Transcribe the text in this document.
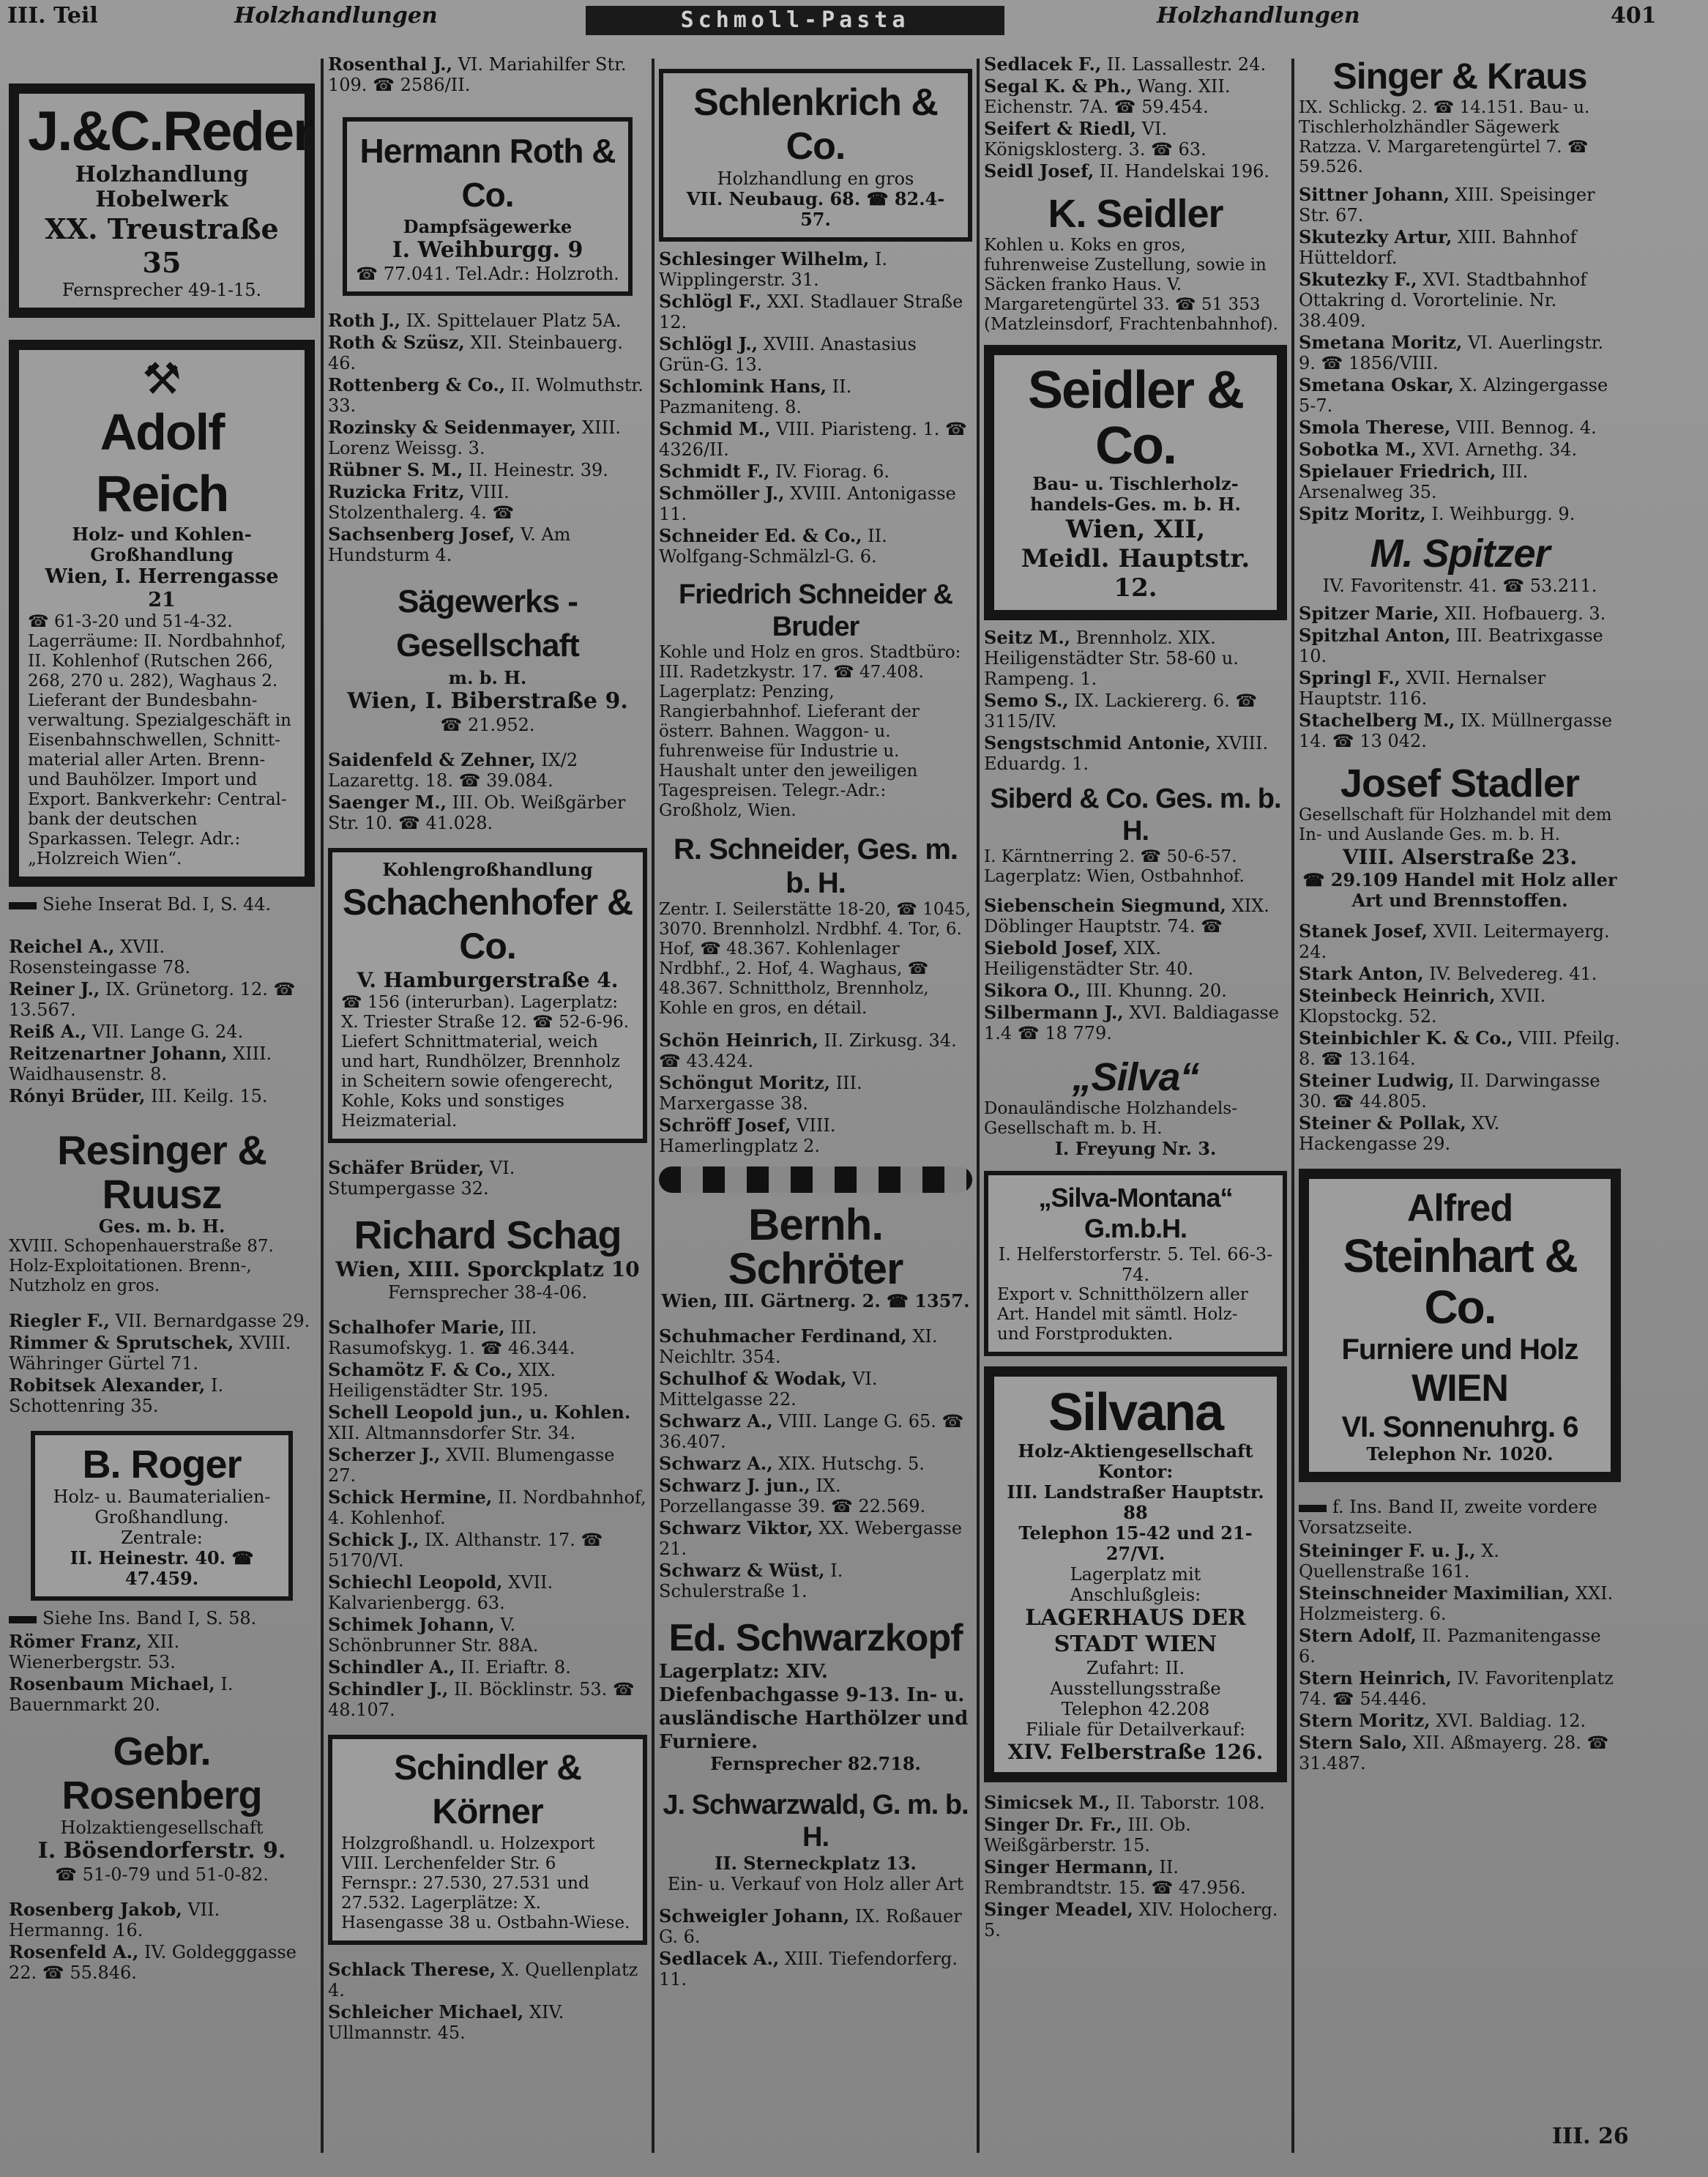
III. Teil	Holzhandlungen	Schmoll-Pasta	Holzhandlungen	401
J.&C.Reder
Holzhandlung
Hobelwerk
XX. Treustraße 35
Fernsprecher 49-1-15.
⚒
Adolf Reich
Holz- und Kohlen-
Großhandlung
Wien, I. Herrengasse 21
☎ 61-3-20 und 51-4-32. Lagerräume: II. Nordbahnhof, II. Kohlenhof (Rutschen 266, 268, 270 u. 282), Waghaus 2. Lieferant der Bundesbahn-verwaltung. Spezialgeschäft in Eisenbahnschwellen, Schnitt-material aller Arten. Brenn- und Bauhölzer. Import und Export. Bankverkehr: Central-bank der deutschen Sparkassen. Telegr. Adr.: „Holzreich Wien“.
Siehe Inserat Bd. I, S. 44.
Reichel A., XVII. Rosensteingasse 78.
Reiner J., IX. Grünetorg. 12. ☎ 13.567.
Reiß A., VII. Lange G. 24.
Reitzenartner Johann, XIII. Waidhausenstr. 8.
Rónyi Brüder, III. Keilg. 15.
Resinger & Ruusz
Ges. m. b. H.
XVIII. Schopenhauerstraße 87. Holz-Exploitationen. Brenn-, Nutzholz en gros.
Riegler F., VII. Bernardgasse 29.
Rimmer & Sprutschek, XVIII. Währinger Gürtel 71.
Robitsek Alexander, I. Schottenring 35.
B. Roger
Holz- u. Baumaterialien-
Großhandlung.
Zentrale:
II. Heinestr. 40. ☎ 47.459.
Siehe Ins. Band I, S. 58.
Römer Franz, XII. Wienerbergstr. 53.
Rosenbaum Michael, I. Bauernmarkt 20.
Gebr. Rosenberg
Holzaktiengesellschaft
I. Bösendorferstr. 9.
☎ 51-0-79 und 51-0-82.
Rosenberg Jakob, VII. Hermanng. 16.
Rosenfeld A., IV. Goldegggasse 22. ☎ 55.846.
Rosenthal J., VI. Mariahilfer Str. 109. ☎ 2586/II.
Hermann Roth & Co.
Dampfsägewerke
I. Weihburgg. 9
☎ 77.041. Tel.Adr.: Holzroth.
Roth J., IX. Spittelauer Platz 5A.
Roth & Szüsz, XII. Steinbauerg. 46.
Rottenberg & Co., II. Wolmuthstr. 33.
Rozinsky & Seidenmayer, XIII. Lorenz Weissg. 3.
Rübner S. M., II. Heinestr. 39.
Ruzicka Fritz, VIII. Stolzenthalerg. 4. ☎
Sachsenberg Josef, V. Am Hundsturm 4.
Sägewerks - Gesellschaft
m. b. H.
Wien, I. Biberstraße 9.
☎ 21.952.
Saidenfeld & Zehner, IX/2 Lazarettg. 18. ☎ 39.084.
Saenger M., III. Ob. Weißgärber Str. 10. ☎ 41.028.
Kohlengroßhandlung
Schachenhofer & Co.
V. Hamburgerstraße 4.
☎ 156 (interurban). Lagerplatz: X. Triester Straße 12. ☎ 52-6-96. Liefert Schnittmaterial, weich und hart, Rundhölzer, Brennholz in Scheitern sowie ofengerecht, Kohle, Koks und sonstiges Heizmaterial.
Schäfer Brüder, VI. Stumpergasse 32.
Richard Schag
Wien, XIII. Sporckplatz 10
Fernsprecher 38-4-06.
Schalhofer Marie, III. Rasumofskyg. 1. ☎ 46.344.
Schamötz F. & Co., XIX. Heiligenstädter Str. 195.
Schell Leopold jun., u. Kohlen. XII. Altmannsdorfer Str. 34.
Scherzer J., XVII. Blumengasse 27.
Schick Hermine, II. Nordbahnhof, 4. Kohlenhof.
Schick J., IX. Althanstr. 17. ☎ 5170/VI.
Schiechl Leopold, XVII. Kalvarienbergg. 63.
Schimek Johann, V. Schönbrunner Str. 88A.
Schindler A., II. Eriaftr. 8.
Schindler J., II. Böcklinstr. 53. ☎ 48.107.
Schindler & Körner
Holzgroßhandl. u. Holzexport VIII. Lerchenfelder Str. 6 Fernspr.: 27.530, 27.531 und 27.532. Lagerplätze: X. Hasengasse 38 u. Ostbahn-Wiese.
Schlack Therese, X. Quellenplatz 4.
Schleicher Michael, XIV. Ullmannstr. 45.
Schlenkrich & Co.
Holzhandlung en gros
VII. Neubaug. 68. ☎ 82.4-57.
Schlesinger Wilhelm, I. Wipplingerstr. 31.
Schlögl F., XXI. Stadlauer Straße 12.
Schlögl J., XVIII. Anastasius Grün-G. 13.
Schlomink Hans, II. Pazmaniteng. 8.
Schmid M., VIII. Piaristeng. 1. ☎ 4326/II.
Schmidt F., IV. Fiorag. 6.
Schmöller J., XVIII. Antonigasse 11.
Schneider Ed. & Co., II. Wolfgang-Schmälzl-G. 6.
Friedrich Schneider & Bruder
Kohle und Holz en gros. Stadtbüro: III. Radetzkystr. 17. ☎ 47.408. Lagerplatz: Penzing, Rangierbahnhof. Lieferant der österr. Bahnen. Waggon- u. fuhrenweise für Industrie u. Haushalt unter den jeweiligen Tagespreisen. Telegr.-Adr.: Großholz, Wien.
R. Schneider, Ges. m. b. H.
Zentr. I. Seilerstätte 18-20, ☎ 1045, 3070. Brennholzl. Nrdbhf. 4. Tor, 6. Hof, ☎ 48.367. Kohlenlager Nrdbhf., 2. Hof, 4. Waghaus, ☎ 48.367. Schnittholz, Brennholz, Kohle en gros, en détail.
Schön Heinrich, II. Zirkusg. 34. ☎ 43.424.
Schöngut Moritz, III. Marxergasse 38.
Schröff Josef, VIII. Hamerlingplatz 2.
Bernh. Schröter
Wien, III. Gärtnerg. 2. ☎ 1357.
Schuhmacher Ferdinand, XI. Neichltr. 354.
Schulhof & Wodak, VI. Mittelgasse 22.
Schwarz A., VIII. Lange G. 65. ☎ 36.407.
Schwarz A., XIX. Hutschg. 5.
Schwarz J. jun., IX. Porzellangasse 39. ☎ 22.569.
Schwarz Viktor, XX. Webergasse 21.
Schwarz & Wüst, I. Schulerstraße 1.
Ed. Schwarzkopf
Lagerplatz: XIV. Diefenbachgasse 9-13. In- u. ausländische Harthölzer und Furniere.
Fernsprecher 82.718.
J. Schwarzwald, G. m. b. H.
II. Sterneckplatz 13.
Ein- u. Verkauf von Holz aller Art
Schweigler Johann, IX. Roßauer G. 6.
Sedlacek A., XIII. Tiefendorferg. 11.
Sedlacek F., II. Lassallestr. 24.
Segal K. & Ph., Wang. XII. Eichenstr. 7A. ☎ 59.454.
Seifert & Riedl, VI. Königsklosterg. 3. ☎ 63.
Seidl Josef, II. Handelskai 196.
K. Seidler
Kohlen u. Koks en gros, fuhrenweise Zustellung, sowie in Säcken franko Haus. V. Margaretengürtel 33. ☎ 51 353 (Matzleinsdorf, Frachtenbahnhof).
Seidler & Co.
Bau- u. Tischlerholz-
handels-Ges. m. b. H.
Wien, XII,
Meidl. Hauptstr. 12.
Seitz M., Brennholz. XIX. Heiligenstädter Str. 58-60 u. Rampeng. 1.
Semo S., IX. Lackiererg. 6. ☎ 3115/IV.
Sengstschmid Antonie, XVIII. Eduardg. 1.
Siberd & Co. Ges. m. b. H.
I. Kärntnerring 2. ☎ 50-6-57. Lagerplatz: Wien, Ostbahnhof.
Siebenschein Siegmund, XIX. Döblinger Hauptstr. 74. ☎
Siebold Josef, XIX. Heiligenstädter Str. 40.
Sikora O., III. Khunng. 20.
Silbermann J., XVI. Baldiagasse 1.4 ☎ 18 779.
„Silva“
Donauländische Holzhandels-Gesellschaft m. b. H.
I. Freyung Nr. 3.
„Silva-Montana“ G.m.b.H.
I. Helferstorferstr. 5. Tel. 66-3-74.
Export v. Schnitthölzern aller Art. Handel mit sämtl. Holz- und Forstprodukten.
Silvana
Holz-Aktiengesellschaft
Kontor:
III. Landstraßer Hauptstr. 88
Telephon 15-42 und 21-27/VI.
Lagerplatz mit Anschlußgleis:
LAGERHAUS DER
STADT WIEN
Zufahrt: II. Ausstellungsstraße
Telephon 42.208
Filiale für Detailverkauf:
XIV. Felberstraße 126.
Simicsek M., II. Taborstr. 108.
Singer Dr. Fr., III. Ob. Weißgärberstr. 15.
Singer Hermann, II. Rembrandtstr. 15. ☎ 47.956.
Singer Meadel, XIV. Holocherg. 5.
Singer & Kraus
IX. Schlickg. 2. ☎ 14.151. Bau- u. Tischlerholzhändler Sägewerk Ratzza. V. Margaretengürtel 7. ☎ 59.526.
Sittner Johann, XIII. Speisinger Str. 67.
Skutezky Artur, XIII. Bahnhof Hütteldorf.
Skutezky F., XVI. Stadtbahnhof Ottakring d. Vorortelinie. Nr. 38.409.
Smetana Moritz, VI. Auerlingstr. 9. ☎ 1856/VIII.
Smetana Oskar, X. Alzingergasse 5-7.
Smola Therese, VIII. Bennog. 4.
Sobotka M., XVI. Arnethg. 34.
Spielauer Friedrich, III. Arsenalweg 35.
Spitz Moritz, I. Weihburgg. 9.
M. Spitzer
IV. Favoritenstr. 41. ☎ 53.211.
Spitzer Marie, XII. Hofbauerg. 3.
Spitzhal Anton, III. Beatrixgasse 10.
Springl F., XVII. Hernalser Hauptstr. 116.
Stachelberg M., IX. Müllnergasse 14. ☎ 13 042.
Josef Stadler
Gesellschaft für Holzhandel mit dem In- und Auslande Ges. m. b. H.
VIII. Alserstraße 23.
☎ 29.109 Handel mit Holz aller Art und Brennstoffen.
Stanek Josef, XVII. Leitermayerg. 24.
Stark Anton, IV. Belvedereg. 41.
Steinbeck Heinrich, XVII. Klopstockg. 52.
Steinbichler K. & Co., VIII. Pfeilg. 8. ☎ 13.164.
Steiner Ludwig, II. Darwingasse 30. ☎ 44.805.
Steiner & Pollak, XV. Hackengasse 29.
Alfred
Steinhart & Co.
Furniere und Holz
WIEN
VI. Sonnenuhrg. 6
Telephon Nr. 1020.
f. Ins. Band II, zweite vordere Vorsatzseite.
Steininger F. u. J., X. Quellenstraße 161.
Steinschneider Maximilian, XXI. Holzmeisterg. 6.
Stern Adolf, II. Pazmanitengasse 6.
Stern Heinrich, IV. Favoritenplatz 74. ☎ 54.446.
Stern Moritz, XVI. Baldiag. 12.
Stern Salo, XII. Aßmayerg. 28. ☎ 31.487.
III. 26
